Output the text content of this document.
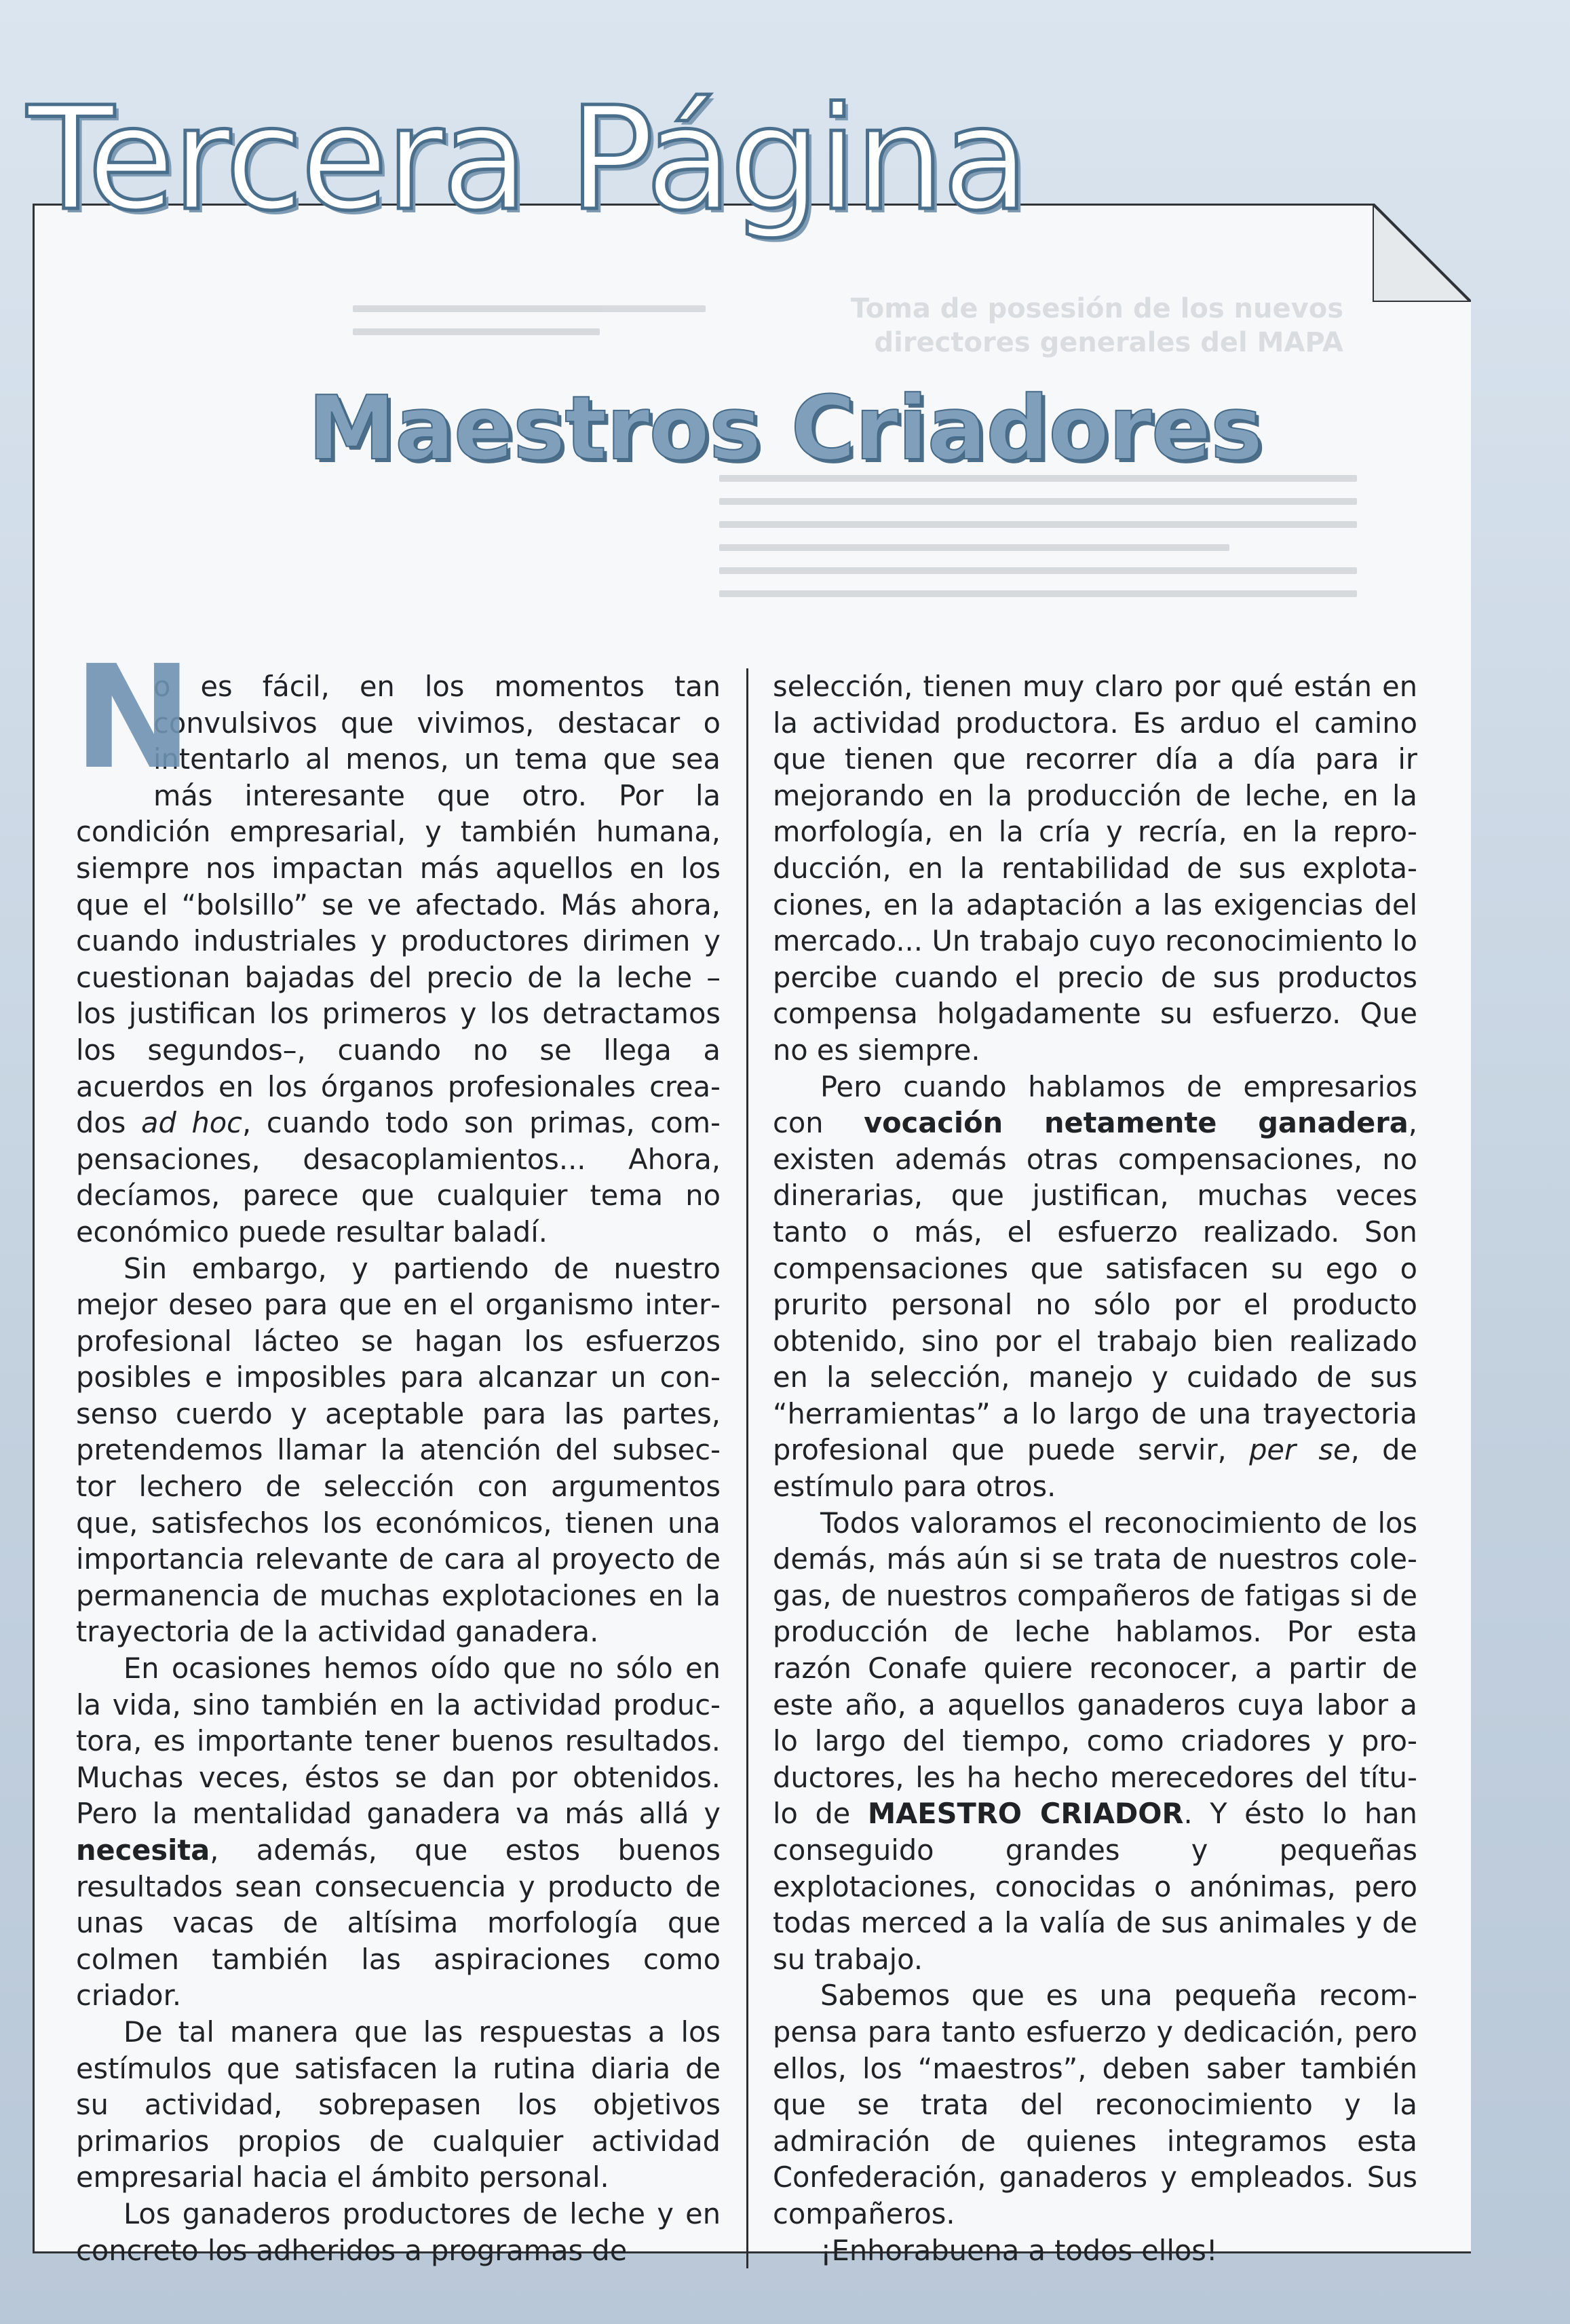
Toma de posesión de los nuevos directores generales del MAPA
Tercera Página
Maestros Criadores

N
o es fácil, en los momentos tan convulsivos que vivimos, destacar o intentarlo al menos, un tema que sea más interesante que otro. Por la condición empresarial, y también humana, siempre nos impactan más aquellos en los que el “bolsillo” se ve afectado. Más ahora, cuando industriales y productores dirimen y cuestionan bajadas del precio de la leche –los justifican los primeros y los detractamos los segundos–, cuando no se llega a acuerdos en los órganos profesionales creados ad hoc, cuando todo son primas, compensaciones, desacoplamientos... Ahora, decíamos, parece que cualquier tema no económico puede resultar baladí.

Sin embargo, y partiendo de nuestro mejor deseo para que en el organismo interprofesional lácteo se hagan los esfuerzos posibles e imposibles para alcanzar un consenso cuerdo y aceptable para las partes, pretendemos llamar la atención del subsector lechero de selección con argumentos que, satisfechos los económicos, tienen una importancia relevante de cara al proyecto de permanencia de muchas explotaciones en la trayectoria de la actividad ganadera.

En ocasiones hemos oído que no sólo en la vida, sino también en la actividad productora, es importante tener buenos resultados. Muchas veces, éstos se dan por obtenidos. Pero la mentalidad ganadera va más allá y necesita, además, que estos buenos resultados sean consecuencia y producto de unas vacas de altísima morfología que colmen también las aspiraciones como criador.

De tal manera que las respuestas a los estímulos que satisfacen la rutina diaria de su actividad, sobrepasen los objetivos primarios propios de cualquier actividad empresarial hacia el ámbito personal.

Los ganaderos productores de leche y en concreto los adheridos a programas de

selección, tienen muy claro por qué están en la actividad productora. Es arduo el camino que tienen que recorrer día a día para ir mejorando en la producción de leche, en la morfología, en la cría y recría, en la reproducción, en la rentabilidad de sus explotaciones, en la adaptación a las exigencias del mercado... Un trabajo cuyo reconocimiento lo percibe cuando el precio de sus productos compensa holgadamente su esfuerzo. Que no es siempre.

Pero cuando hablamos de empresarios con vocación netamente ganadera, existen además otras compensaciones, no dinerarias, que justifican, muchas veces tanto o más, el esfuerzo realizado. Son compensaciones que satisfacen su ego o prurito personal no sólo por el producto obtenido, sino por el trabajo bien realizado en la selección, manejo y cuidado de sus “herramientas” a lo largo de una trayectoria profesional que puede servir, per se, de estímulo para otros.

Todos valoramos el reconocimiento de los demás, más aún si se trata de nuestros colegas, de nuestros compañeros de fatigas si de producción de leche hablamos. Por esta razón Conafe quiere reconocer, a partir de este año, a aquellos ganaderos cuya labor a lo largo del tiempo, como criadores y productores, les ha hecho merecedores del título de MAESTRO CRIADOR. Y ésto lo han conseguido grandes y pequeñas explotaciones, conocidas o anónimas, pero todas merced a la valía de sus animales y de su trabajo.

Sabemos que es una pequeña recompensa para tanto esfuerzo y dedicación, pero ellos, los “maestros”, deben saber también que se trata del reconocimiento y la admiración de quienes integramos esta Confederación, ganaderos y empleados. Sus compañeros.

¡Enhorabuena a todos ellos!
